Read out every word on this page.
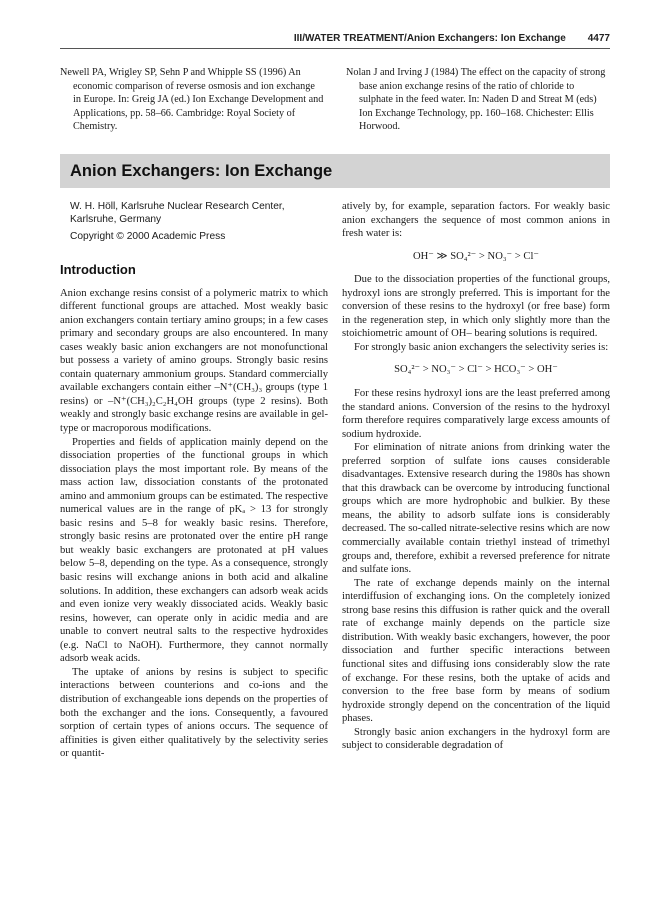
III/WATER TREATMENT/Anion Exchangers: Ion Exchange 4477

Newell PA, Wrigley SP, Sehn P and Whipple SS (1996) An economic comparison of reverse osmosis and ion exchange in Europe. In: Greig JA (ed.) Ion Exchange Development and Applications, pp. 58–66. Cambridge: Royal Society of Chemistry.

Nolan J and Irving J (1984) The effect on the capacity of strong base anion exchange resins of the ratio of chloride to sulphate in the feed water. In: Naden D and Streat M (eds) Ion Exchange Technology, pp. 160–168. Chichester: Ellis Horwood.

Anion Exchangers: Ion Exchange
W. H. Höll, Karlsruhe Nuclear Research Center,
Karlsruhe, Germany
Copyright © 2000 Academic Press
Introduction

Anion exchange resins consist of a polymeric matrix to which different functional groups are attached. Most weakly basic anion exchangers contain tertiary amino groups; in a few cases primary and secondary groups are also encountered. In many cases weakly basic anion exchangers are not monofunctional but possess a variety of amino groups. Strongly basic resins contain quaternary ammonium groups. Standard commercially available exchangers contain either –N⁺(CH₃)₃ groups (type 1 resins) or –N⁺(CH₃)₂C₂H₄OH groups (type 2 resins). Both weakly and strongly basic exchange resins are available in gel-type or macroporous modifications.

Properties and fields of application mainly depend on the dissociation properties of the functional groups in which dissociation plays the most important role. By means of the mass action law, dissociation constants of the protonated amino and ammonium groups can be estimated. The respective numerical values are in the range of pKₐ > 13 for strongly basic resins and 5–8 for weakly basic resins. Therefore, strongly basic resins are protonated over the entire pH range but weakly basic exchangers are protonated at pH values below 5–8, depending on the type. As a consequence, strongly basic resins will exchange anions in both acid and alkaline solutions. In addition, these exchangers can adsorb weak acids and even ionize very weakly dissociated acids. Weakly basic resins, however, can operate only in acidic media and are unable to convert neutral salts to the respective hydroxides (e.g. NaCl to NaOH). Furthermore, they cannot normally adsorb weak acids.

The uptake of anions by resins is subject to specific interactions between counterions and co-ions and the distribution of exchangeable ions depends on the properties of both the exchanger and the ions. Consequently, a favoured sorption of certain types of anions occurs. The sequence of affinities is given either qualitatively by the selectivity series or quantit-

atively by, for example, separation factors. For weakly basic anion exchangers the sequence of most common anions in fresh water is:

OH⁻ ≫ SO₄²⁻ > NO₃⁻ > Cl⁻

Due to the dissociation properties of the functional groups, hydroxyl ions are strongly preferred. This is important for the conversion of these resins to the hydroxyl (or free base) form in the regeneration step, in which only slightly more than the stoichiometric amount of OH– bearing solutions is required.

For strongly basic anion exchangers the selectivity series is:

SO₄²⁻ > NO₃⁻ > Cl⁻ > HCO₃⁻ > OH⁻

For these resins hydroxyl ions are the least preferred among the standard anions. Conversion of the resins to the hydroxyl form therefore requires comparatively large excess amounts of sodium hydroxide.

For elimination of nitrate anions from drinking water the preferred sorption of sulfate ions causes considerable disadvantages. Extensive research during the 1980s has shown that this drawback can be overcome by introducing functional groups which are more hydrophobic and bulkier. By these means, the ability to adsorb sulfate ions is considerably decreased. The so-called nitrate-selective resins which are now commercially available contain triethyl instead of trimethyl groups and, therefore, exhibit a reversed preference for nitrate and sulfate ions.

The rate of exchange depends mainly on the internal interdiffusion of exchanging ions. On the completely ionized strong base resins this diffusion is rather quick and the overall rate of exchange mainly depends on the particle size distribution. With weakly basic exchangers, however, the poor dissociation and further specific interactions between functional sites and diffusing ions considerably slow the rate of exchange. For these resins, both the uptake of acids and conversion to the free base form by means of sodium hydroxide strongly depend on the concentration of the liquid phases.

Strongly basic anion exchangers in the hydroxyl form are subject to considerable degradation of
